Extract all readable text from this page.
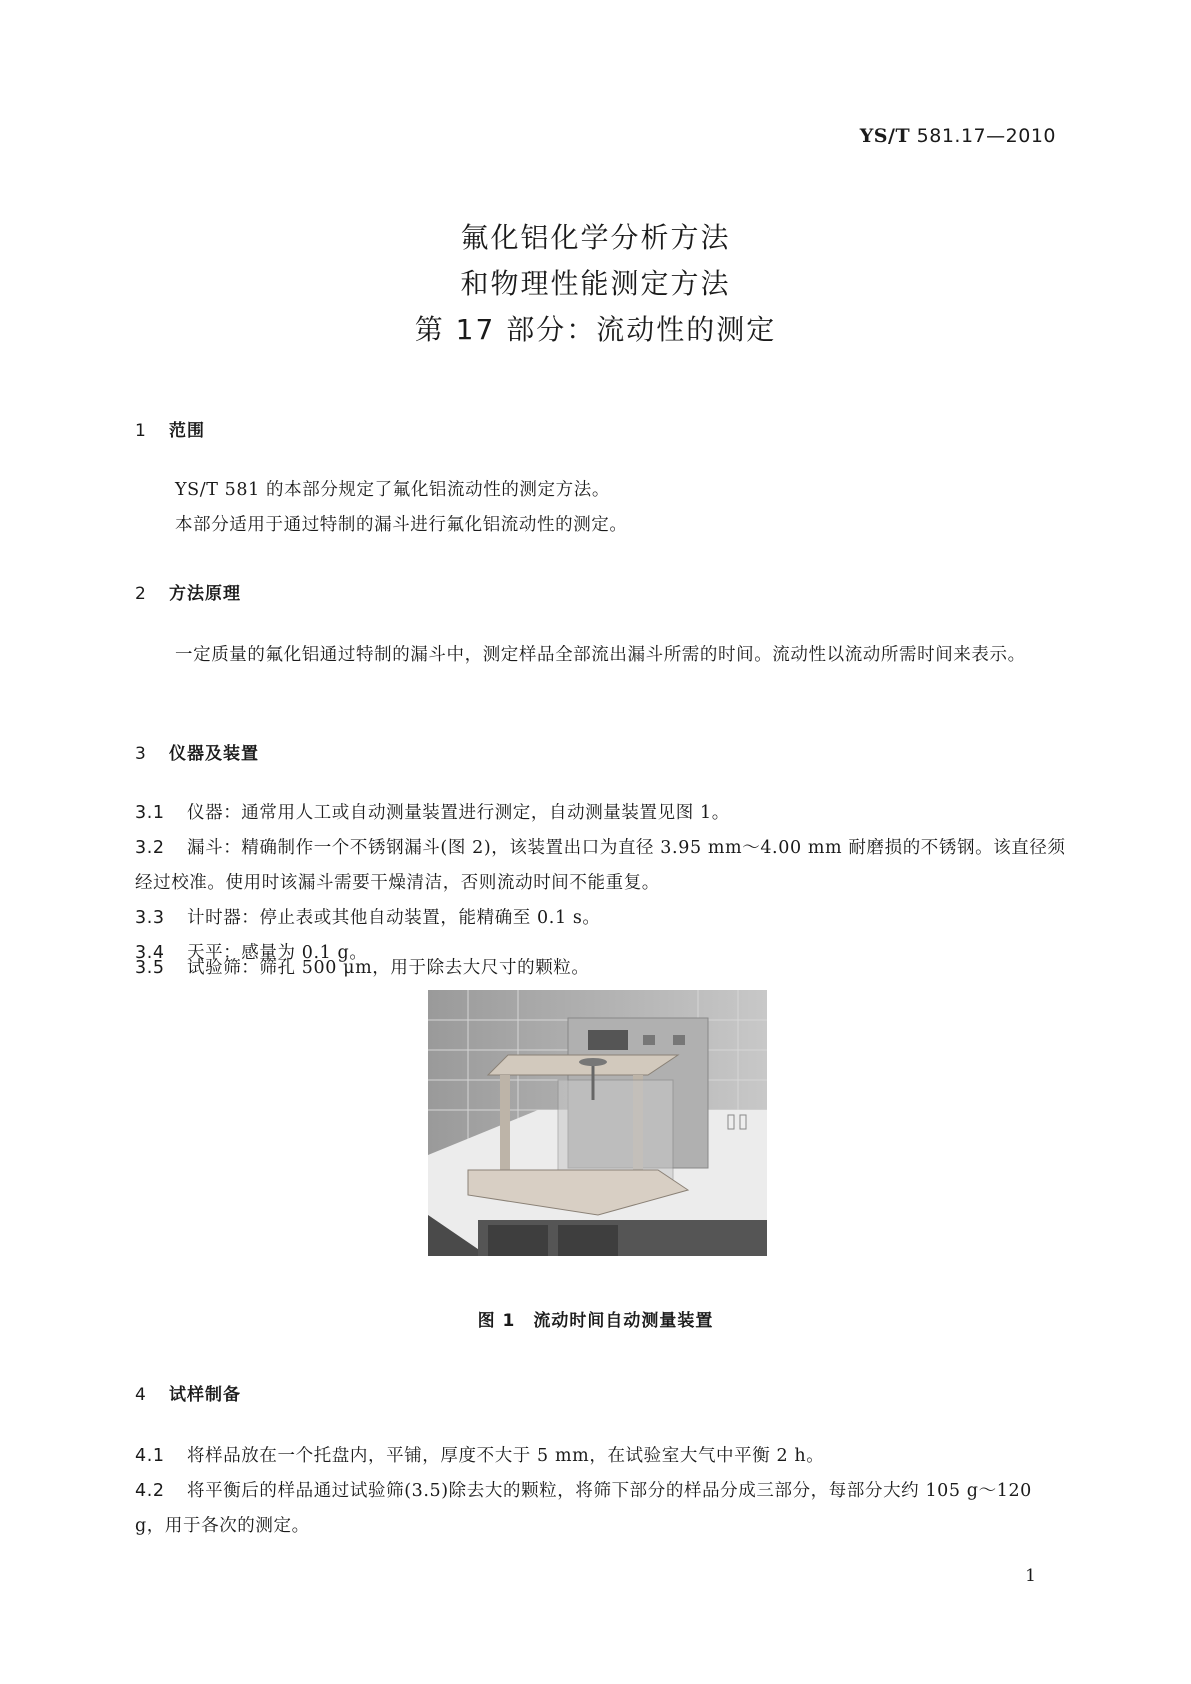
YS/T 581.17—2010
氟化铝化学分析方法
和物理性能测定方法
第 17 部分：流动性的测定
1 范围
YS/T 581 的本部分规定了氟化铝流动性的测定方法。
本部分适用于通过特制的漏斗进行氟化铝流动性的测定。
2 方法原理
一定质量的氟化铝通过特制的漏斗中，测定样品全部流出漏斗所需的时间。流动性以流动所需时间来表示。
3 仪器及装置
3.1 仪器：通常用人工或自动测量装置进行测定，自动测量装置见图 1。
3.2 漏斗：精确制作一个不锈钢漏斗(图 2)，该装置出口为直径 3.95 mm～4.00 mm 耐磨损的不锈钢。该直径须经过校准。使用时该漏斗需要干燥清洁，否则流动时间不能重复。
3.3 计时器：停止表或其他自动装置，能精确至 0.1 s。
3.4 天平：感量为 0.1 g。
图 1　流动时间自动测量装置
4 试样制备
4.1 将样品放在一个托盘内，平铺，厚度不大于 5 mm，在试验室大气中平衡 2 h。
4.2 将平衡后的样品通过试验筛(3.5)除去大的颗粒，将筛下部分的样品分成三部分，每部分大约 105 g～120 g，用于各次的测定。
1
3.5 试验筛：筛孔 500 μm，用于除去大尺寸的颗粒。
